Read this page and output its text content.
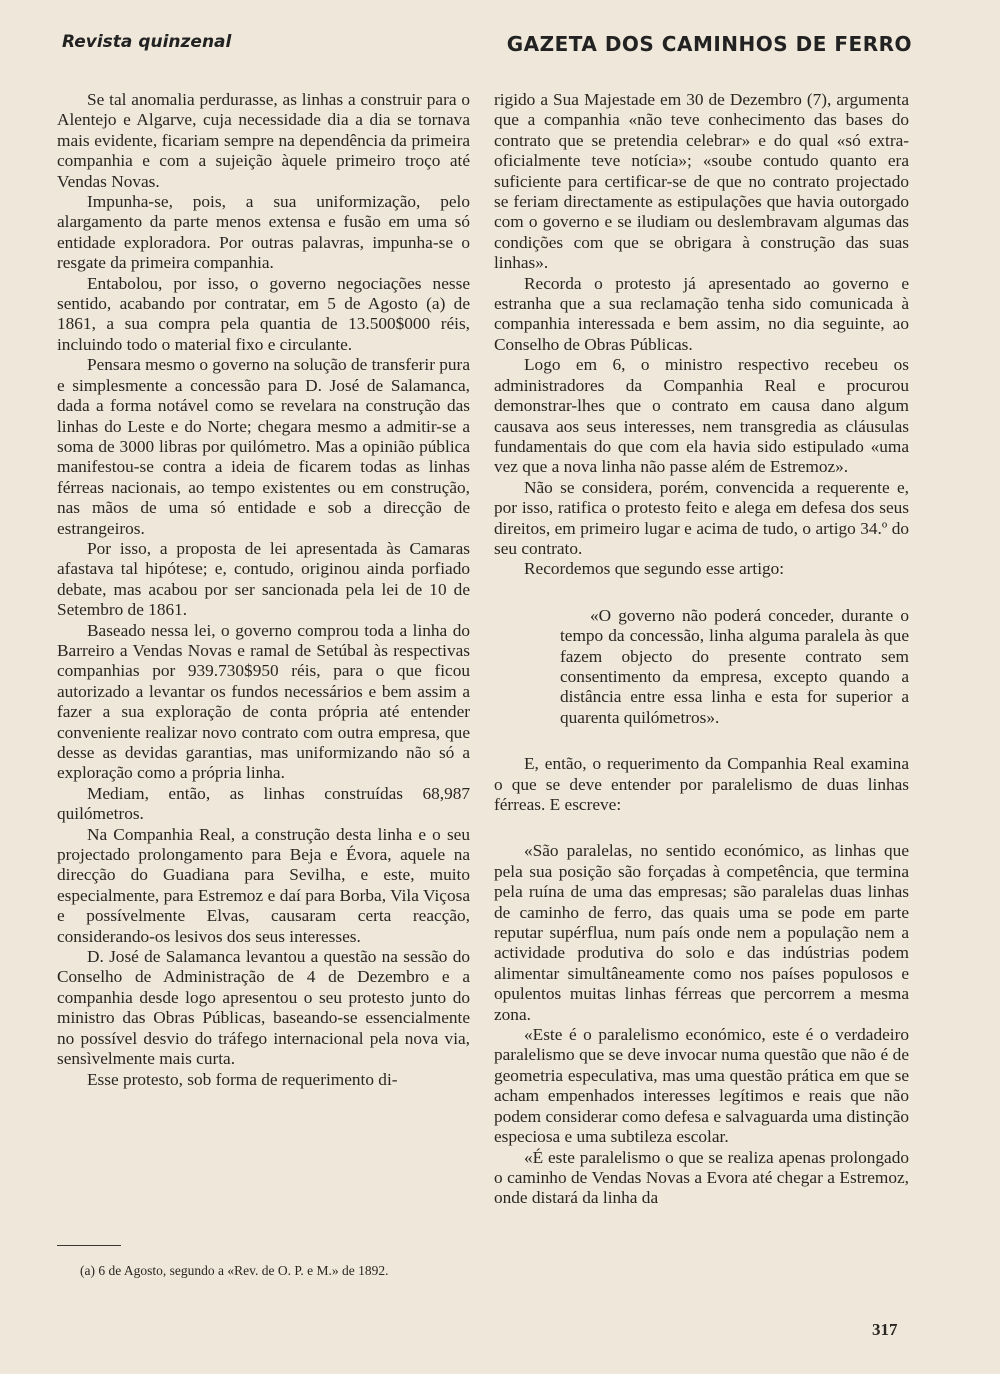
Revista quinzenal	GAZETA DOS CAMINHOS DE FERRO

Se tal anomalia perdurasse, as linhas a construir para o Alentejo e Algarve, cuja necessidade dia a dia se tornava mais evidente, ficariam sempre na dependência da primeira companhia e com a sujeição àquele primeiro troço até Vendas Novas.

Impunha-se, pois, a sua uniformização, pelo alargamento da parte menos extensa e fusão em uma só entidade exploradora. Por outras palavras, impunha-se o resgate da primeira companhia.

Entabolou, por isso, o governo negociações nesse sentido, acabando por contratar, em 5 de Agosto (a) de 1861, a sua compra pela quantia de 13.500$000 réis, incluindo todo o material fixo e circulante.

Pensara mesmo o governo na solução de transferir pura e simplesmente a concessão para D. José de Salamanca, dada a forma notável como se revelara na construção das linhas do Leste e do Norte; chegara mesmo a admitir-se a soma de 3000 libras por quilómetro. Mas a opinião pública manifestou-se contra a ideia de ficarem todas as linhas férreas nacionais, ao tempo existentes ou em construção, nas mãos de uma só entidade e sob a direcção de estrangeiros.

Por isso, a proposta de lei apresentada às Camaras afastava tal hipótese; e, contudo, originou ainda porfiado debate, mas acabou por ser sancionada pela lei de 10 de Setembro de 1861.

Baseado nessa lei, o governo comprou toda a linha do Barreiro a Vendas Novas e ramal de Setúbal às respectivas companhias por 939.730$950 réis, para o que ficou autorizado a levantar os fundos necessários e bem assim a fazer a sua exploração de conta própria até entender conveniente realizar novo contrato com outra empresa, que desse as devidas garantias, mas uniformizando não só a exploração como a própria linha.

Mediam, então, as linhas construídas 68,987 quilómetros.

Na Companhia Real, a construção desta linha e o seu projectado prolongamento para Beja e Évora, aquele na direcção do Guadiana para Sevilha, e este, muito especialmente, para Estremoz e daí para Borba, Vila Viçosa e possívelmente Elvas, causaram certa reacção, considerando-os lesivos dos seus interesses.

D. José de Salamanca levantou a questão na sessão do Conselho de Administração de 4 de Dezembro e a companhia desde logo apresentou o seu protesto junto do ministro das Obras Públicas, baseando-se essencialmente no possível desvio do tráfego internacional pela nova via, sensìvelmente mais curta.

Esse protesto, sob forma de requerimento di-

rigido a Sua Majestade em 30 de Dezembro (7), argumenta que a companhia «não teve conhecimento das bases do contrato que se pretendia celebrar» e do qual «só extra-oficialmente teve notícia»; «soube contudo quanto era suficiente para certificar-se de que no contrato projectado se feriam directamente as estipulações que havia outorgado com o governo e se iludiam ou deslembravam algumas das condições com que se obrigara à construção das suas linhas».

Recorda o protesto já apresentado ao governo e estranha que a sua reclamação tenha sido comunicada à companhia interessada e bem assim, no dia seguinte, ao Conselho de Obras Públicas.

Logo em 6, o ministro respectivo recebeu os administradores da Companhia Real e procurou demonstrar-lhes que o contrato em causa dano algum causava aos seus interesses, nem transgredia as cláusulas fundamentais do que com ela havia sido estipulado «uma vez que a nova linha não passe além de Estremoz».

Não se considera, porém, convencida a requerente e, por isso, ratifica o protesto feito e alega em defesa dos seus direitos, em primeiro lugar e acima de tudo, o artigo 34.º do seu contrato.

Recordemos que segundo esse artigo:

«O governo não poderá conceder, durante o tempo da concessão, linha alguma paralela às que fazem objecto do presente contrato sem consentimento da empresa, excepto quando a distância entre essa linha e esta for superior a quarenta quilómetros».

E, então, o requerimento da Companhia Real examina o que se deve entender por paralelismo de duas linhas férreas. E escreve:

«São paralelas, no sentido económico, as linhas que pela sua posição são forçadas à competência, que termina pela ruína de uma das empresas; são paralelas duas linhas de caminho de ferro, das quais uma se pode em parte reputar supérflua, num país onde nem a população nem a actividade produtiva do solo e das indústrias podem alimentar simultâneamente como nos países populosos e opulentos muitas linhas férreas que percorrem a mesma zona.

«Este é o paralelismo económico, este é o verdadeiro paralelismo que se deve invocar numa questão que não é de geometria especulativa, mas uma questão prática em que se acham empenhados interesses legítimos e reais que não podem considerar como defesa e salvaguarda uma distinção especiosa e uma subtileza escolar.

«É este paralelismo o que se realiza apenas prolongado o caminho de Vendas Novas a Evora até chegar a Estremoz, onde distará da linha da

(a) 6 de Agosto, segundo a «Rev. de O. P. e M.» de 1892.
317
